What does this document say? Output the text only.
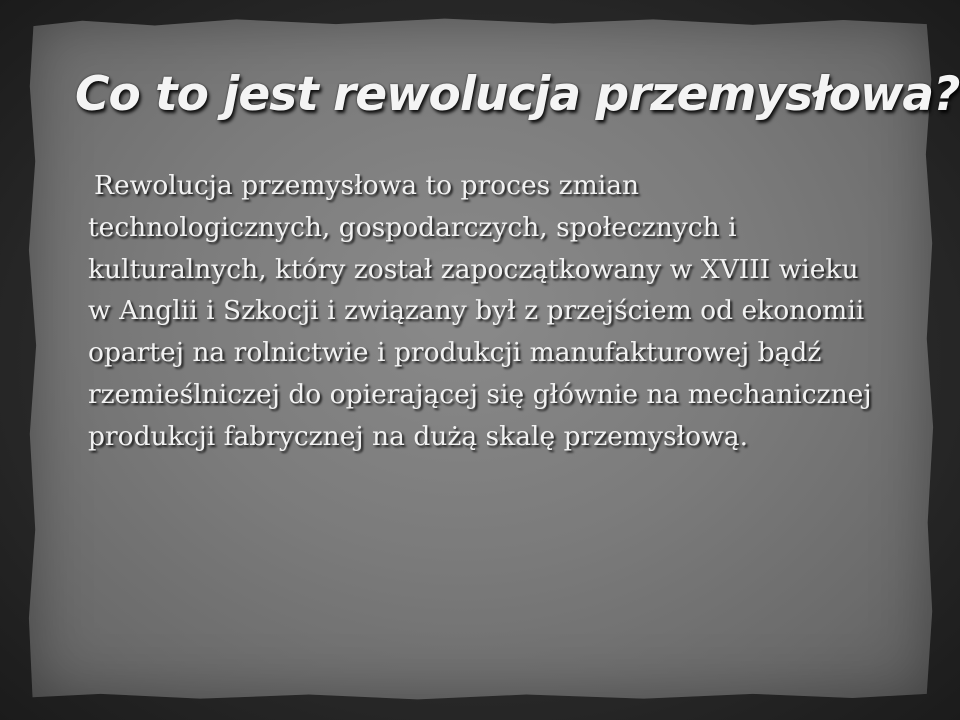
Co to jest rewolucja przemysłowa?

Rewolucja przemysłowa to proces zmian technologicznych, gospodarczych, społecznych i kulturalnych, który został zapoczątkowany w XVIII wieku w Anglii i Szkocji i związany był z przejściem od ekonomii opartej na rolnictwie i produkcji manufakturowej bądź rzemieślniczej do opierającej się głównie na mechanicznej produkcji fabrycznej na dużą skalę przemysłową.
